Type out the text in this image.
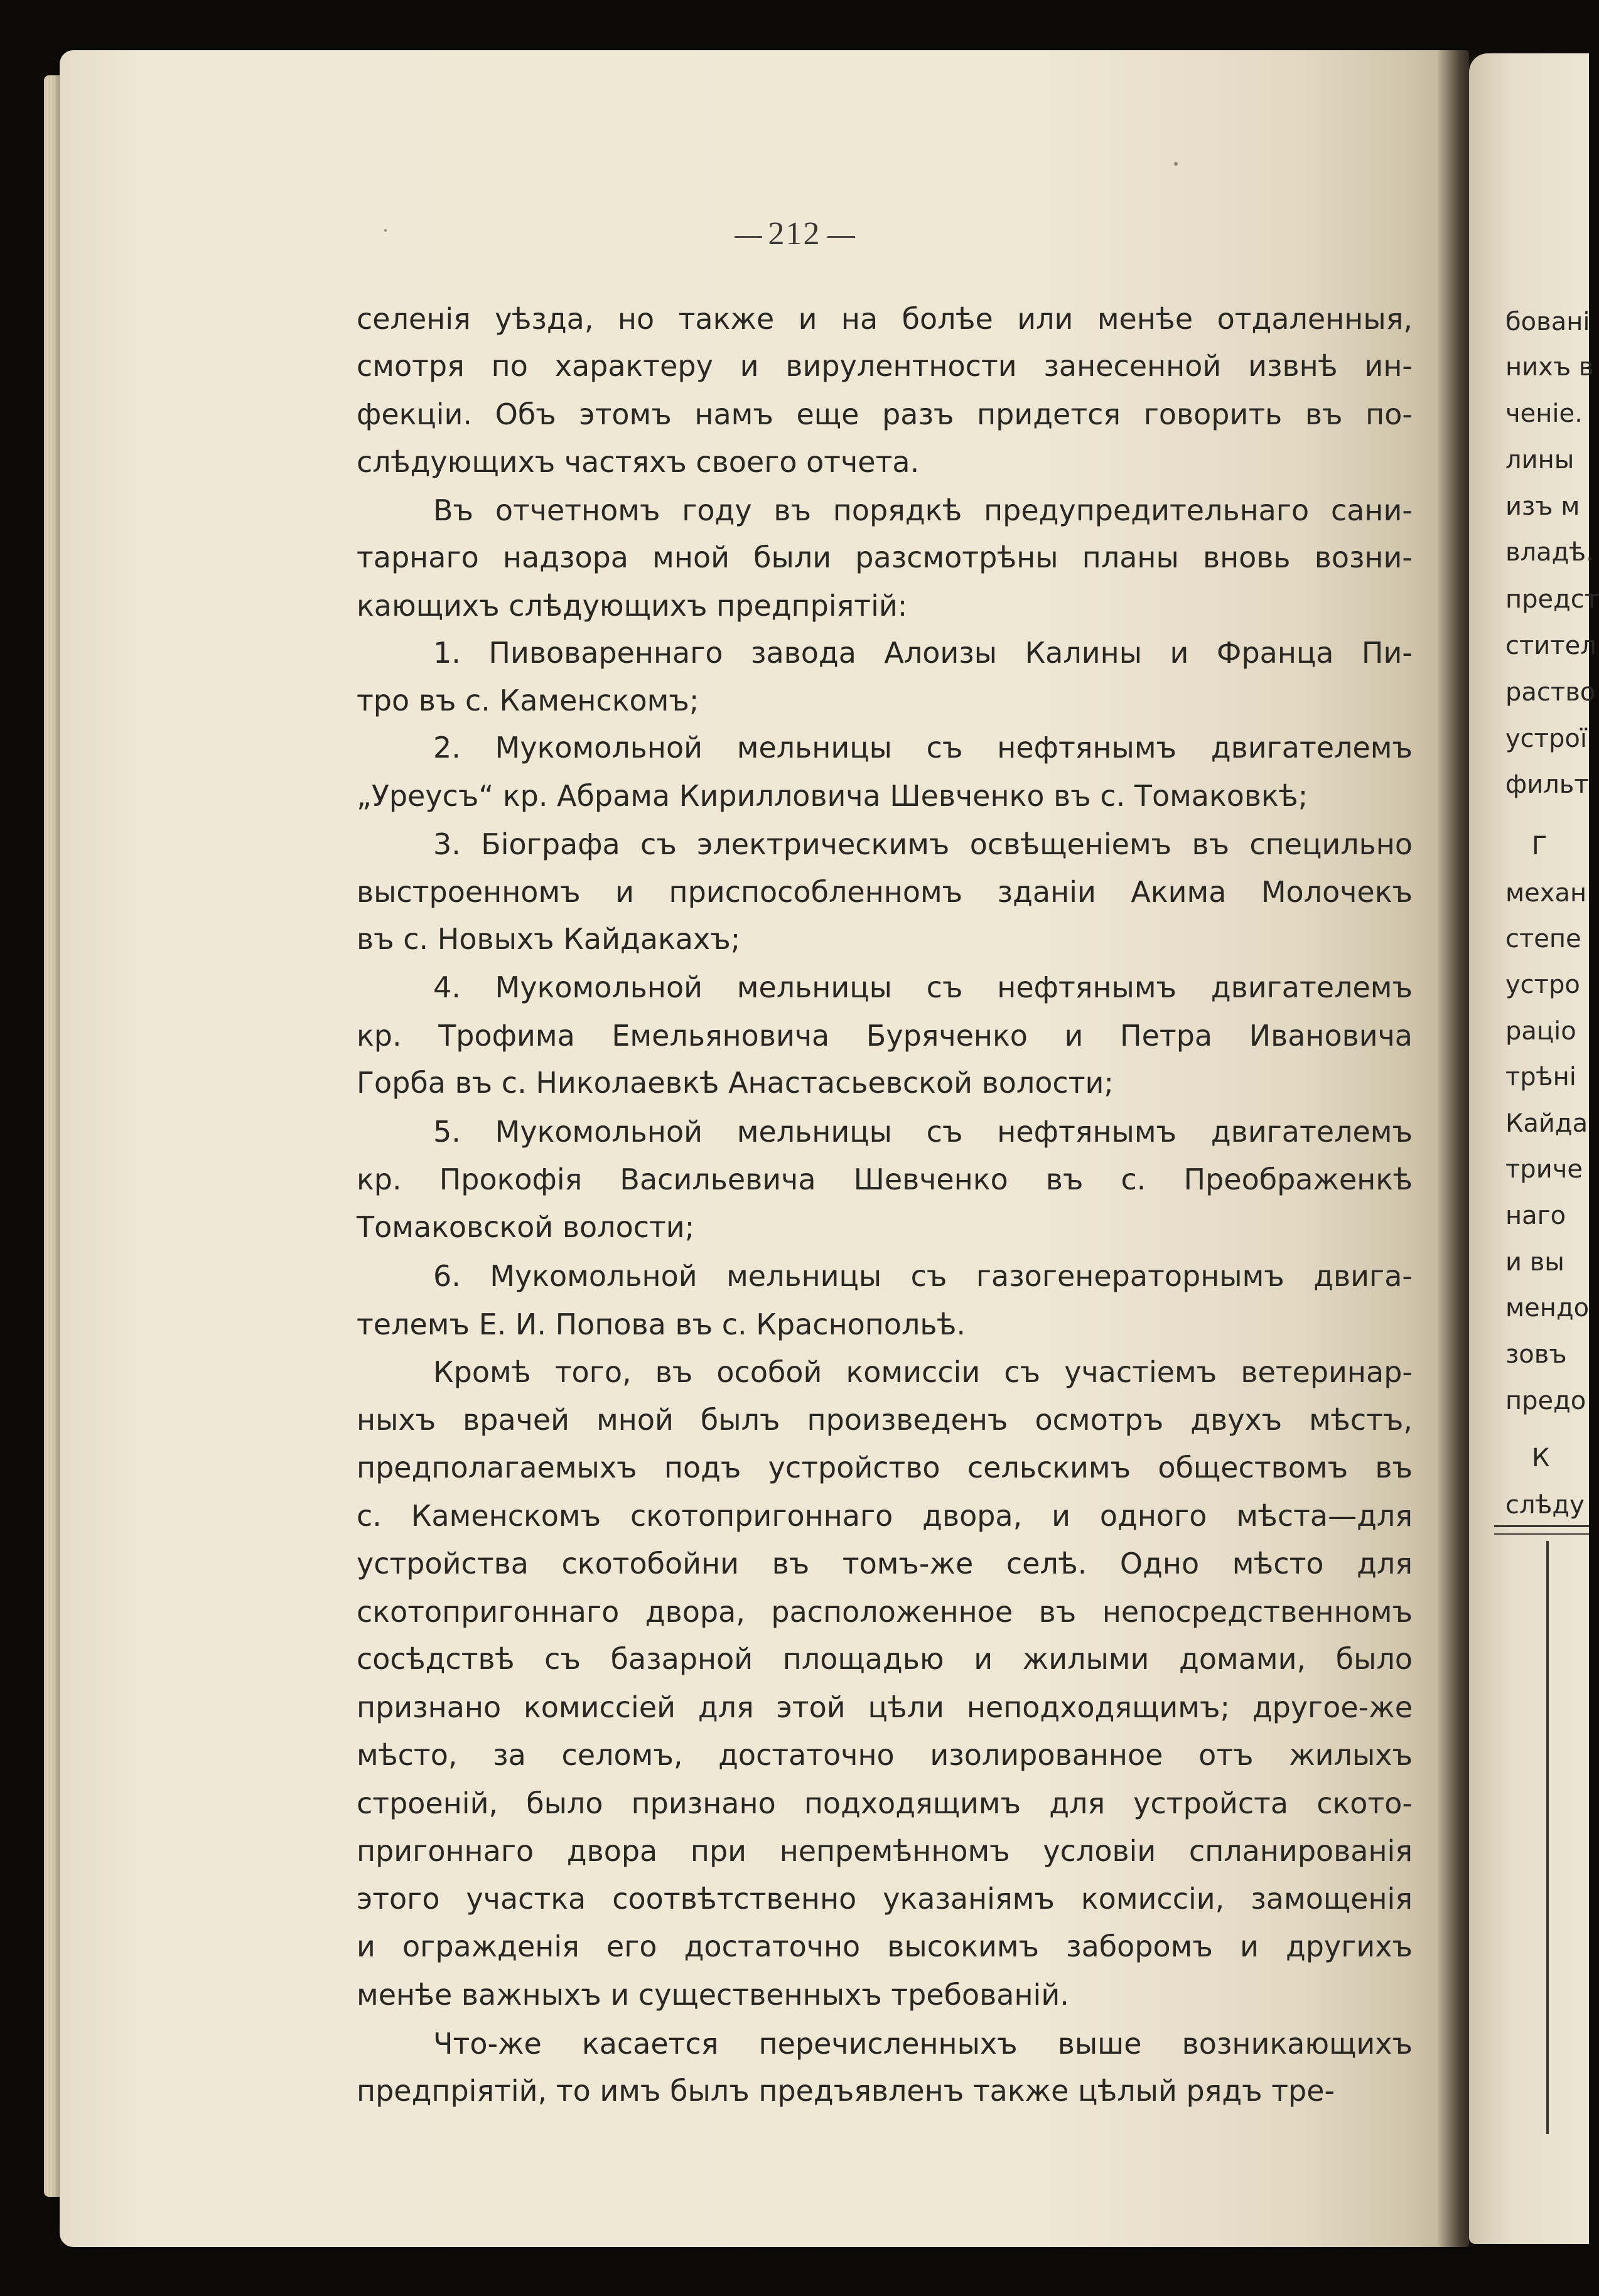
бовані
нихъ в
ченіе.
лины
изъ м
владѣ.
предст
стител
раство
устрої
фильт
Г
механ
степе
устро
раціо
трѣні
Кайда
триче
наго
и вы
мендо
зовъ
предо
К
слѣду
212
селенія уѣзда, но также и на болѣе или менѣе отдаленныя,
смотря по характеру и вирулентности занесенной извнѣ ин-
фекціи. Объ этомъ намъ еще разъ придется говорить въ по-
слѣдующихъ частяхъ своего отчета.
Въ отчетномъ году въ порядкѣ предупредительнаго сани-
тарнаго надзора мной были разсмотрѣны планы вновь возни-
кающихъ слѣдующихъ предпріятій:
1. Пивовареннаго завода Алоизы Калины и Франца Пи-
тро въ с. Каменскомъ;
2. Мукомольной мельницы съ нефтянымъ двигателемъ
„Уреусъ“ кр. Абрама Кирилловича Шевченко въ с. Томаковкѣ;
3. Біографа съ электрическимъ освѣщеніемъ въ специльно
выстроенномъ и приспособленномъ зданіи Акима Молочекъ
въ с. Новыхъ Кайдакахъ;
4. Мукомольной мельницы съ нефтянымъ двигателемъ
кр. Трофима Емельяновича Буряченко и Петра Ивановича
Горба въ с. Николаевкѣ Анастасьевской волости;
5. Мукомольной мельницы съ нефтянымъ двигателемъ
кр. Прокофія Васильевича Шевченко въ с. Преображенкѣ
Томаковской волости;
6. Мукомольной мельницы съ газогенераторнымъ двига-
телемъ Е. И. Попова въ с. Краснопольѣ.
Кромѣ того, въ особой комиссіи съ участіемъ ветеринар-
ныхъ врачей мной былъ произведенъ осмотръ двухъ мѣстъ,
предполагаемыхъ подъ устройство сельскимъ обществомъ въ
с. Каменскомъ скотопригоннаго двора, и одного мѣста—для
устройства скотобойни въ томъ-же селѣ. Одно мѣсто для
скотопригоннаго двора, расположенное въ непосредственномъ
сосѣдствѣ съ базарной площадью и жилыми домами, было
признано комиссіей для этой цѣли неподходящимъ; другое-же
мѣсто, за селомъ, достаточно изолированное отъ жилыхъ
строеній, было признано подходящимъ для устройста ското-
пригоннаго двора при непремѣнномъ условіи спланированія
этого участка соотвѣтственно указаніямъ комиссіи, замощенія
и огражденія его достаточно высокимъ заборомъ и другихъ
менѣе важныхъ и существенныхъ требованій.
Что-же касается перечисленныхъ выше возникающихъ
предпріятій, то имъ былъ предъявленъ также цѣлый рядъ тре-
